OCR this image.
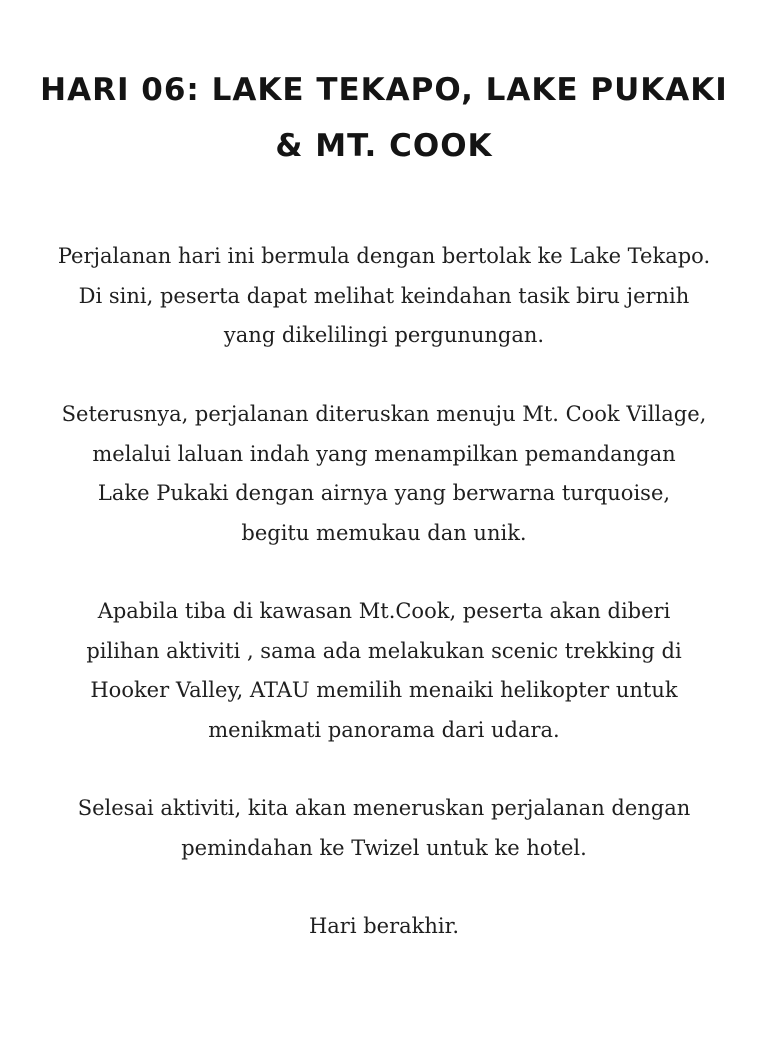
HARI 06: LAKE TEKAPO, LAKE PUKAKI
& MT. COOK

Perjalanan hari ini bermula dengan bertolak ke Lake Tekapo.
Di sini, peserta dapat melihat keindahan tasik biru jernih
yang dikelilingi pergunungan.

Seterusnya, perjalanan diteruskan menuju Mt. Cook Village,
melalui laluan indah yang menampilkan pemandangan
Lake Pukaki dengan airnya yang berwarna turquoise,
begitu memukau dan unik.

Apabila tiba di kawasan Mt.Cook, peserta akan diberi
pilihan aktiviti , sama ada melakukan scenic trekking di
Hooker Valley, ATAU memilih menaiki helikopter untuk
menikmati panorama dari udara.

Selesai aktiviti, kita akan meneruskan perjalanan dengan
pemindahan ke Twizel untuk ke hotel.

Hari berakhir.
